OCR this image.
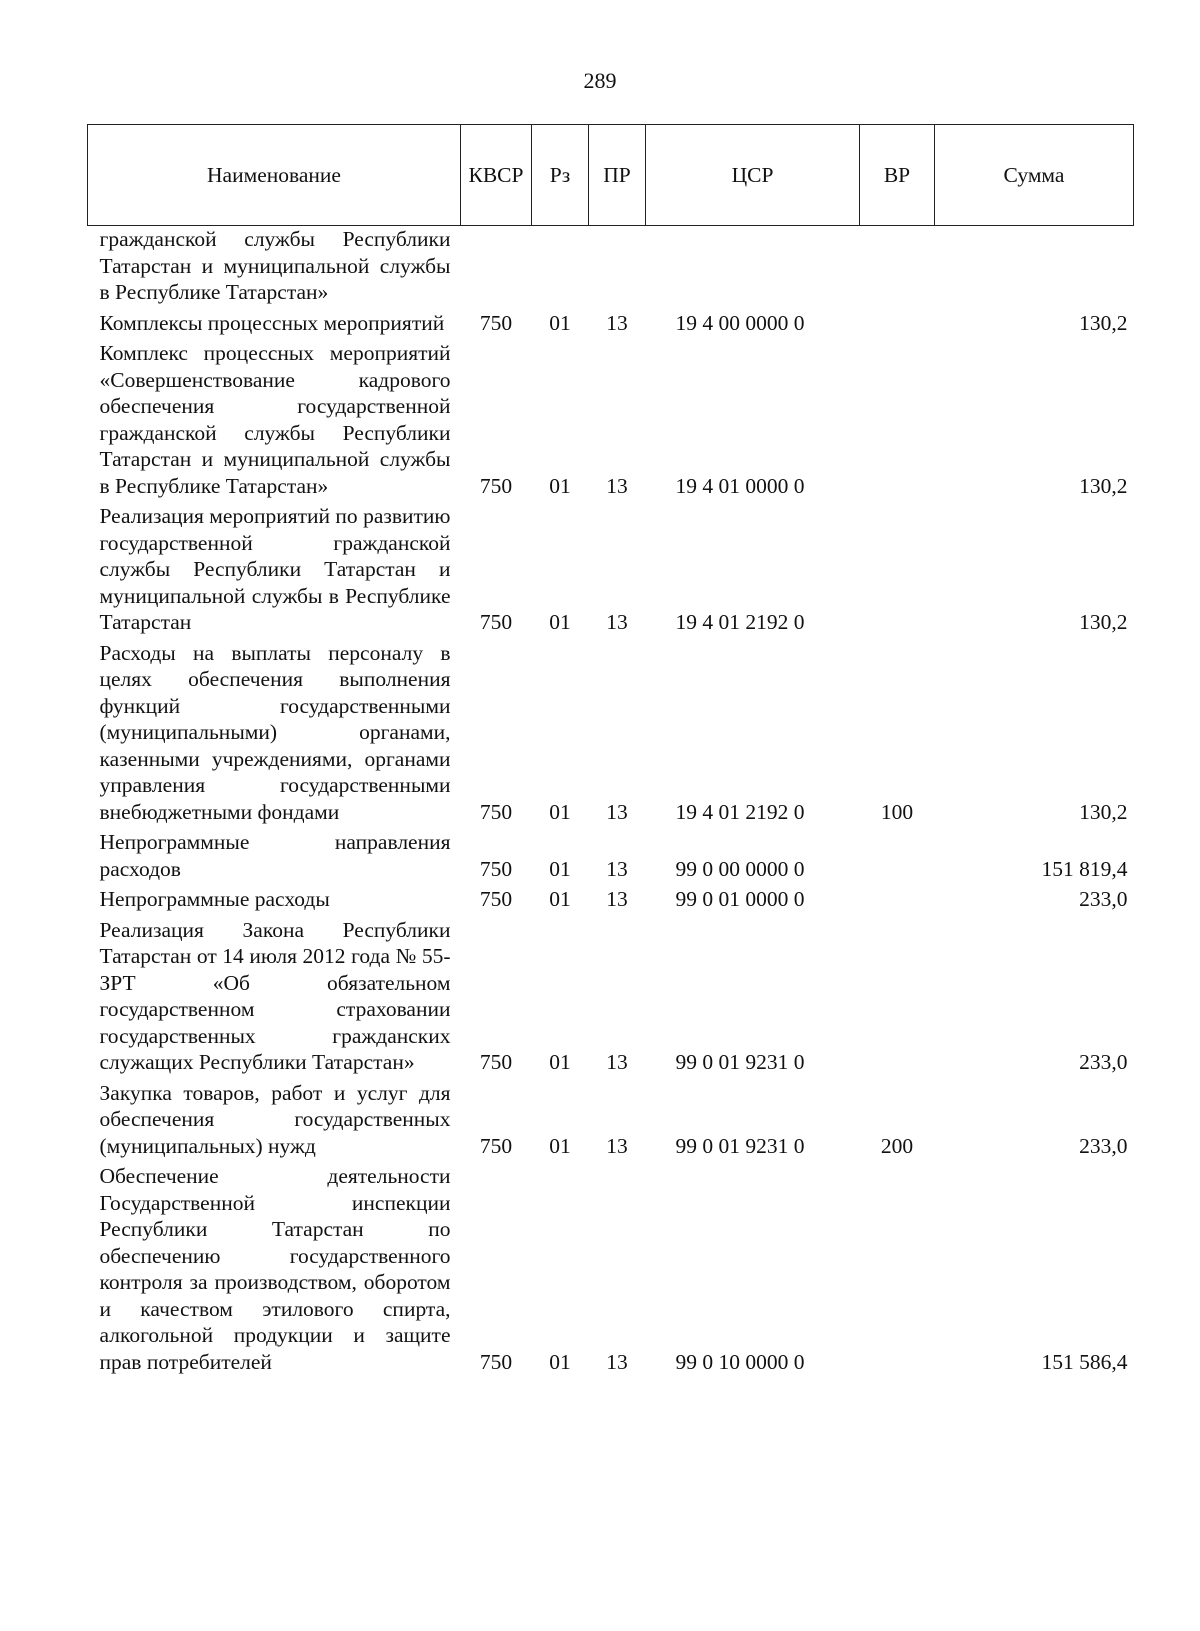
289
Наименование	КВСР	Рз	ПР	ЦСР	ВР	Сумма
гражданской службы Республики Татарстан и муниципальной службы в Республике Татарстан»						
Комплексы процессных мероприятий	750	01	13	19 4 00 0000 0		130,2
Комплекс процессных мероприятий «Совершенствование кадрового обеспечения государственной гражданской службы Республики Татарстан и муниципальной службы в Республике Татарстан»	750	01	13	19 4 01 0000 0		130,2
Реализация мероприятий по развитию государственной гражданской службы Республики Татарстан и муниципальной службы в Республике Татарстан	750	01	13	19 4 01 2192 0		130,2
Расходы на выплаты персоналу в целях обеспечения выполнения функций государственными (муниципальными) органами, казенными учреждениями, органами управления государственными внебюджетными фондами	750	01	13	19 4 01 2192 0	100	130,2
Непрограммные направления расходов	750	01	13	99 0 00 0000 0		151 819,4
Непрограммные расходы	750	01	13	99 0 01 0000 0		233,0
Реализация Закона Республики Татарстан от 14 июля 2012 года № 55-ЗРТ «Об обязательном государственном страховании государственных гражданских служащих Республики Татарстан»	750	01	13	99 0 01 9231 0		233,0
Закупка товаров, работ и услуг для обеспечения государственных (муниципальных) нужд	750	01	13	99 0 01 9231 0	200	233,0
Обеспечение деятельности Государственной инспекции Республики Татарстан по обеспечению государственного контроля за производством, оборотом и качеством этилового спирта, алкогольной продукции и защите прав потребителей	750	01	13	99 0 10 0000 0		151 586,4
